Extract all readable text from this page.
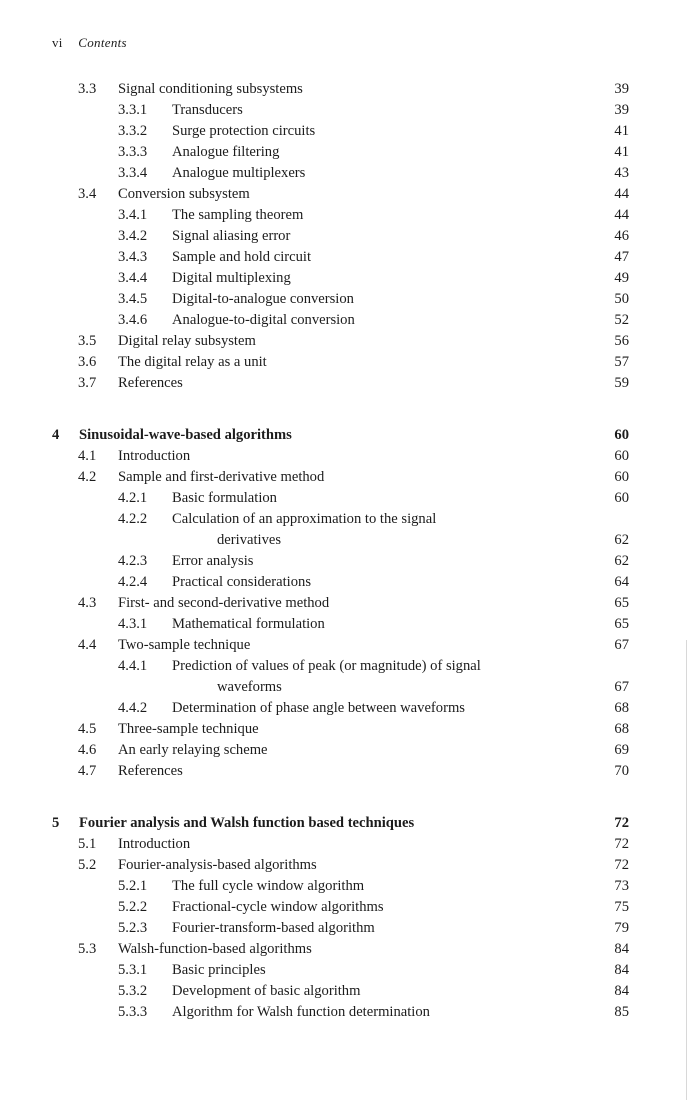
vi Contents
3.3 Signal conditioning subsystems	39
3.3.1 Transducers	39
3.3.2 Surge protection circuits	41
3.3.3 Analogue filtering	41
3.3.4 Analogue multiplexers	43
3.4 Conversion subsystem	44
3.4.1 The sampling theorem	44
3.4.2 Signal aliasing error	46
3.4.3 Sample and hold circuit	47
3.4.4 Digital multiplexing	49
3.4.5 Digital-to-analogue conversion	50
3.4.6 Analogue-to-digital conversion	52
3.5 Digital relay subsystem	56
3.6 The digital relay as a unit	57
3.7 References	59
4 Sinusoidal-wave-based algorithms	60
4.1 Introduction	60
4.2 Sample and first-derivative method	60
4.2.1 Basic formulation	60
4.2.2 Calculation of an approximation to the signal
derivatives	62
4.2.3 Error analysis	62
4.2.4 Practical considerations	64
4.3 First- and second-derivative method	65
4.3.1 Mathematical formulation	65
4.4 Two-sample technique	67
4.4.1 Prediction of values of peak (or magnitude) of signal
waveforms	67
4.4.2 Determination of phase angle between waveforms	68
4.5 Three-sample technique	68
4.6 An early relaying scheme	69
4.7 References	70
5 Fourier analysis and Walsh function based techniques	72
5.1 Introduction	72
5.2 Fourier-analysis-based algorithms	72
5.2.1 The full cycle window algorithm	73
5.2.2 Fractional-cycle window algorithms	75
5.2.3 Fourier-transform-based algorithm	79
5.3 Walsh-function-based algorithms	84
5.3.1 Basic principles	84
5.3.2 Development of basic algorithm	84
5.3.3 Algorithm for Walsh function determination	85
